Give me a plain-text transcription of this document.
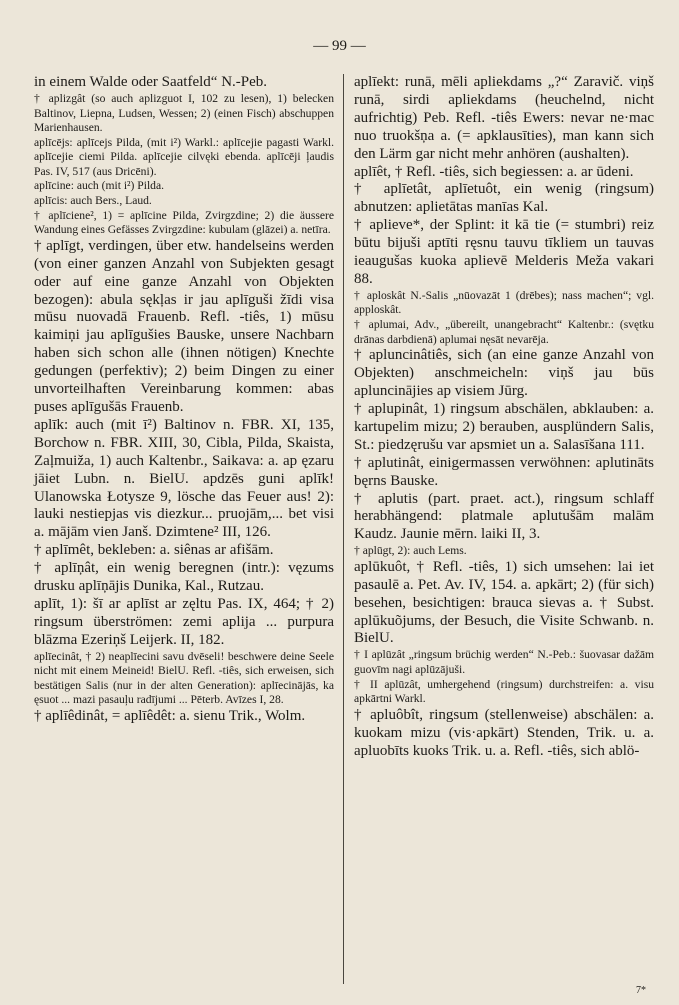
— 99 —

in einem Walde oder Saatfeld“ N.-Peb.

† aplizgât (so auch aplizguot I, 102 zu lesen), 1) belecken Baltinov, Liepna, Ludsen, Wessen; 2) (einen Fisch) abschuppen Marienhausen.

aplīcējs: aplīcejs Pilda, (mit i²) Warkl.: aplīcejie pagasti Warkl. aplīcejie ciemi Pilda. aplīcejie cilvęki ebenda. aplīcēji ļaudis Pas. IV, 517 (aus Dricēni).

aplīcine: auch (mit i²) Pilda.

aplīcis: auch Bers., Laud.

† aplīciene², 1) = aplīcine Pilda, Zvirgzdine; 2) die äussere Wandung eines Gefässes Zvirgzdine: kubulam (glāzei) a. netīra.

† aplīgt, verdingen, über etw. handelseins werden (von einer ganzen Anzahl von Subjekten gesagt oder auf eine ganze Anzahl von Objekten bezogen): abula sękļas ir jau aplīguši žīdi visa mūsu nuovadā Frauenb. Refl. -tiês, 1) mūsu kaimiņi jau aplīgušies Bauske, unsere Nachbarn haben sich schon alle (ihnen nötigen) Knechte gedungen (perfektiv); 2) beim Dingen zu einer unvorteilhaften Vereinbarung kommen: abas puses aplīgušās Frauenb.

aplīk: auch (mit ī²) Baltinov n. FBR. XI, 135, Borchow n. FBR. XIII, 30, Cibla, Pilda, Skaista, Zaļmuiža, 1) auch Kaltenbr., Saikava: a. ap ęzaru jāiet Lubn. n. BielU. apdzēs guni aplīk! Ulanowska Łotysze 9, lösche das Feuer aus! 2): lauki nestiepjas vis diezkur... pruojām,... bet visi a. mājām vien Janš. Dzimtene² III, 126.

† aplīmêt, bekleben: a. siênas ar afišām.

† aplīņât, ein wenig beregnen (intr.): vęzums drusku aplīņājis Dunika, Kal., Rutzau.

aplīt, 1): šī ar aplīst ar zęltu Pas. IX, 464; † 2) ringsum überströmen: zemi aplija ... purpura blāzma Ezeriņš Leijerk. II, 182.

aplīecinât, † 2) neaplīecini savu dvēseli! beschwere deine Seele nicht mit einem Meineid! BielU. Refl. -tiês, sich erweisen, sich bestätigen Salis (nur in der alten Generation): aplīecinājās, ka ęsuot ... mazi pasauļu radījumi ... Pēterb. Avīzes I, 28.

† aplīêdinât, = aplīêdêt: a. sienu Trik., Wolm.

aplīekt: runā, mēli apliekdams „?“ Zaravič. viņš runā, sirdi apliekdams (heuchelnd, nicht aufrichtig) Peb. Refl. -tiês Ewers: nevar ne·mac nuo truokšņa a. (= apklausīties), man kann sich den Lärm gar nicht mehr anhören (aushalten).

aplīêt, † Refl. -tiês, sich begiessen: a. ar ūdeni.

† aplīetât, aplīetuôt, ein wenig (ringsum) abnutzen: aplietātas manīas Kal.

† aplieve*, der Splint: it kā tie (= stumbri) reiz būtu bijuši aptīti ręsnu tauvu tīkliem un tauvas ieaugušas kuoka aplievē Melderis Meža vakari 88.

† aploskât N.-Salis „nūovazāt 1 (drēbes); nass machen“; vgl. apploskât.

† aplumai, Adv., „übereilt, unangebracht“ Kaltenbr.: (svętku drānas darbdienā) aplumai nęsāt nevarēja.

† apluncinâtiês, sich (an eine ganze Anzahl von Objekten) anschmeicheln: viņš jau būs apluncinājies ap visiem Jūrg.

† aplupinât, 1) ringsum abschälen, abklauben: a. kartupelim mizu; 2) berauben, ausplündern Salis, St.: piedzęrušu var apsmiet un a. Salasīšana 111.

† aplutinât, einigermassen verwöhnen: aplutināts bęrns Bauske.

† aplutis (part. praet. act.), ringsum schlaff herabhängend: platmale aplutušām malām Kaudz. Jaunie mērn. laiki II, 3.

† aplūgt, 2): auch Lems.

aplūkuôt, † Refl. -tiês, 1) sich umsehen: lai iet pasaulē a. Pet. Av. IV, 154. a. apkārt; 2) (für sich) besehen, besichtigen: brauca sievas a. † Subst. aplūkuõjums, der Besuch, die Visite Schwanb. n. BielU.

† I aplūzât „ringsum brüchig werden“ N.-Peb.: šuovasar dažām guovīm nagi aplūzājuši.

† II aplūzât, umhergehend (ringsum) durchstreifen: a. visu apkārtni Warkl.

† apluôbît, ringsum (stellenweise) abschälen: a. kuokam mizu (vis·apkārt) Stenden, Trik. u. a. apluobīts kuoks Trik. u. a. Refl. -tiês, sich ablö-

7*
